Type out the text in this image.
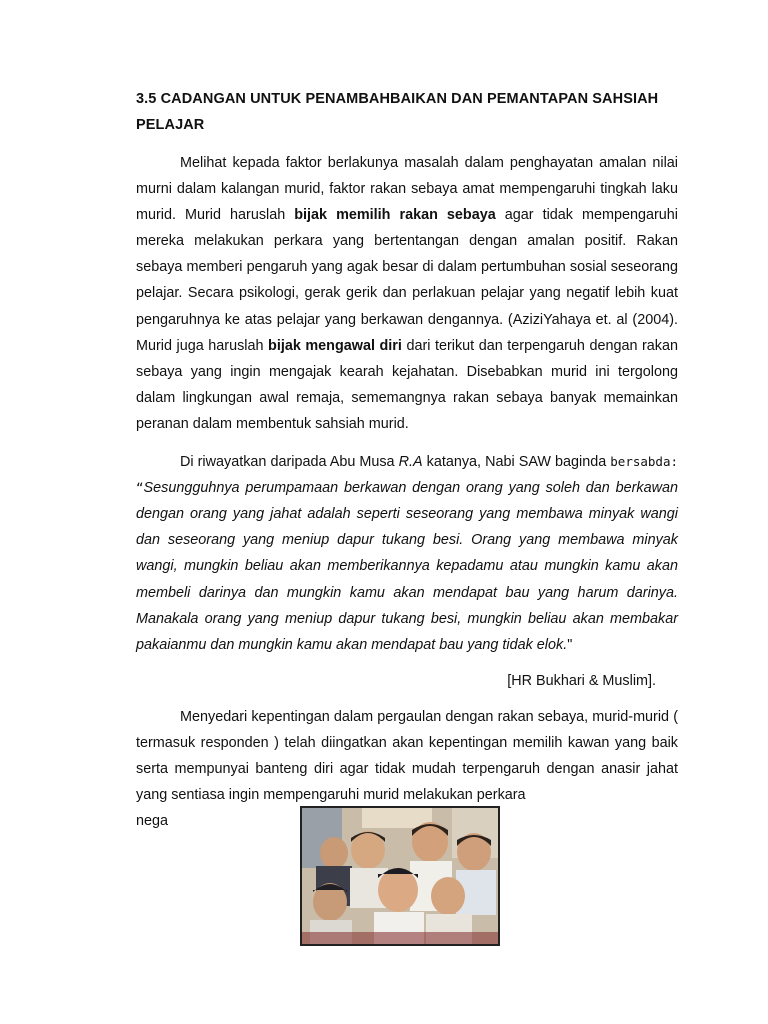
3.5 CADANGAN UNTUK PENAMBAHBAIKAN DAN PEMANTAPAN SAHSIAH PELAJAR

Melihat kepada faktor berlakunya masalah dalam penghayatan amalan nilai murni dalam kalangan murid, faktor rakan sebaya amat mempengaruhi tingkah laku murid. Murid haruslah bijak memilih rakan sebaya agar tidak mempengaruhi mereka melakukan perkara yang bertentangan dengan amalan positif. Rakan sebaya memberi pengaruh yang agak besar di dalam pertumbuhan sosial seseorang pelajar. Secara psikologi, gerak gerik dan perlakuan pelajar yang negatif lebih kuat pengaruhnya ke atas pelajar yang berkawan dengannya. (AziziYahaya et. al (2004). Murid juga haruslah bijak mengawal diri dari terikut dan terpengaruh dengan rakan sebaya yang ingin mengajak kearah kejahatan. Disebabkan murid ini tergolong dalam lingkungan awal remaja, sememangnya rakan sebaya banyak memainkan peranan dalam membentuk sahsiah murid.

Di riwayatkan daripada Abu Musa R.A katanya, Nabi SAW baginda bersabda: “Sesungguhnya perumpamaan berkawan dengan orang yang soleh dan berkawan dengan orang yang jahat adalah seperti seseorang yang membawa minyak wangi dan seseorang yang meniup dapur tukang besi. Orang yang membawa minyak wangi, mungkin beliau akan memberikannya kepadamu atau mungkin kamu akan membeli darinya dan mungkin kamu akan mendapat bau yang harum darinya. Manakala orang yang meniup dapur tukang besi, mungkin beliau akan membakar pakaianmu dan mungkin kamu akan mendapat bau yang tidak elok."

[HR Bukhari & Muslim].

Menyedari kepentingan dalam pergaulan dengan rakan sebaya, murid-murid ( termasuk responden ) telah diingatkan akan kepentingan memilih kawan yang baik serta mempunyai banteng diri agar tidak mudah terpengaruh dengan anasir jahat yang sentiasa ingin mempengaruhi murid melakukan perkara

nega
